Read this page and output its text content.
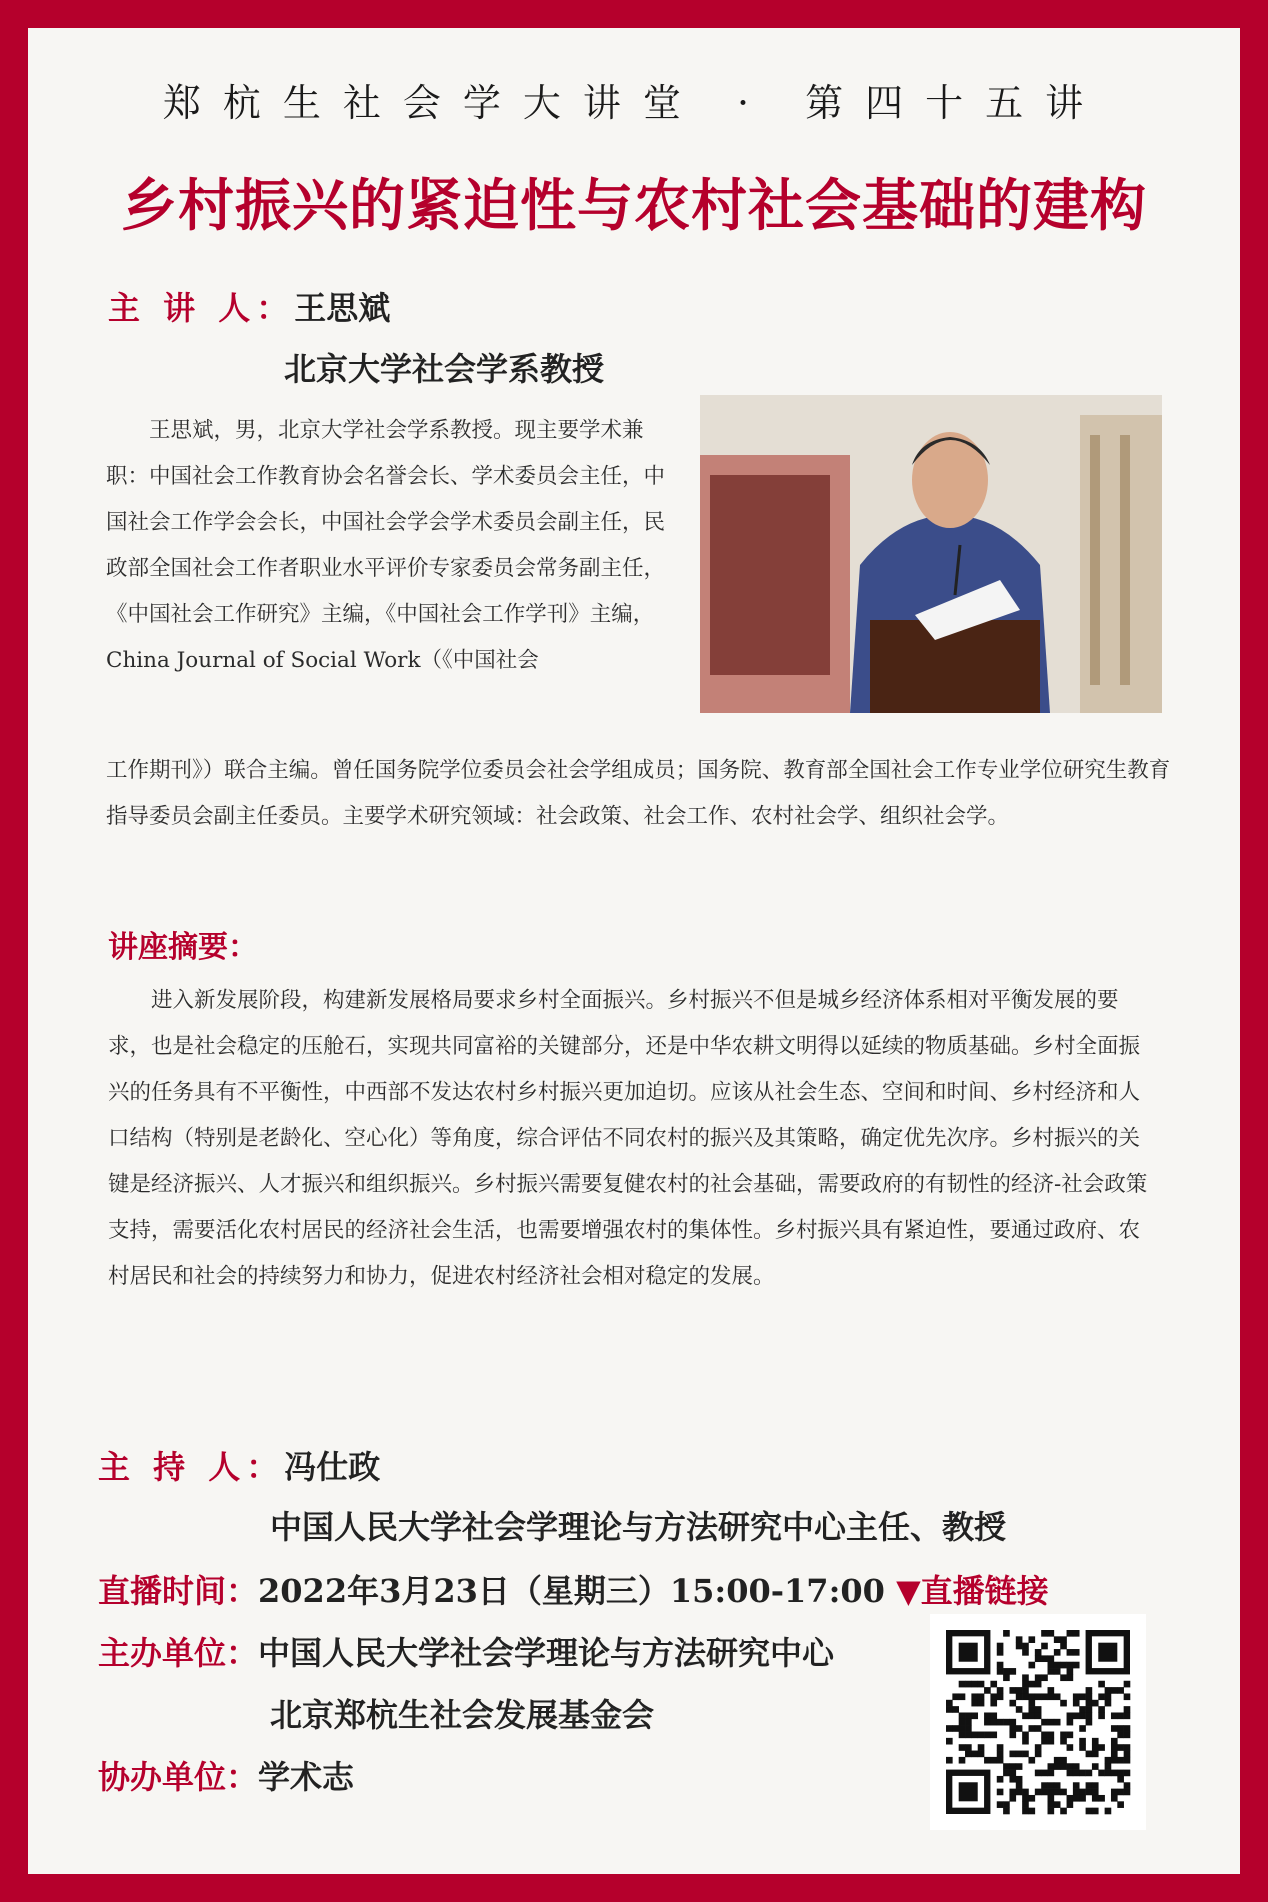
郑杭生社会学大讲堂 · 第四十五讲
乡村振兴的紧迫性与农村社会基础的建构
主 讲 人：王思斌
北京大学社会学系教授
王思斌，男，北京大学社会学系教授。现主要学术兼职：中国社会工作教育协会名誉会长、学术委员会主任，中国社会工作学会会长，中国社会学会学术委员会副主任，民政部全国社会工作者职业水平评价专家委员会常务副主任，《中国社会工作研究》主编，《中国社会工作学刊》主编，China Journal of Social Work（《中国社会
工作期刊》）联合主编。曾任国务院学位委员会社会学组成员；国务院、教育部全国社会工作专业学位研究生教育指导委员会副主任委员。主要学术研究领域：社会政策、社会工作、农村社会学、组织社会学。
讲座摘要：
进入新发展阶段，构建新发展格局要求乡村全面振兴。乡村振兴不但是城乡经济体系相对平衡发展的要求，也是社会稳定的压舱石，实现共同富裕的关键部分，还是中华农耕文明得以延续的物质基础。乡村全面振兴的任务具有不平衡性，中西部不发达农村乡村振兴更加迫切。应该从社会生态、空间和时间、乡村经济和人口结构（特别是老龄化、空心化）等角度，综合评估不同农村的振兴及其策略，确定优先次序。乡村振兴的关键是经济振兴、人才振兴和组织振兴。乡村振兴需要复健农村的社会基础，需要政府的有韧性的经济-社会政策支持，需要活化农村居民的经济社会生活，也需要增强农村的集体性。乡村振兴具有紧迫性，要通过政府、农村居民和社会的持续努力和协力，促进农村经济社会相对稳定的发展。
主 持 人：冯仕政
中国人民大学社会学理论与方法研究中心主任、教授
直播时间：2022年3月23日（星期三）15:00-17:00 ▼直播链接
主办单位：中国人民大学社会学理论与方法研究中心
北京郑杭生社会发展基金会
协办单位：学术志
